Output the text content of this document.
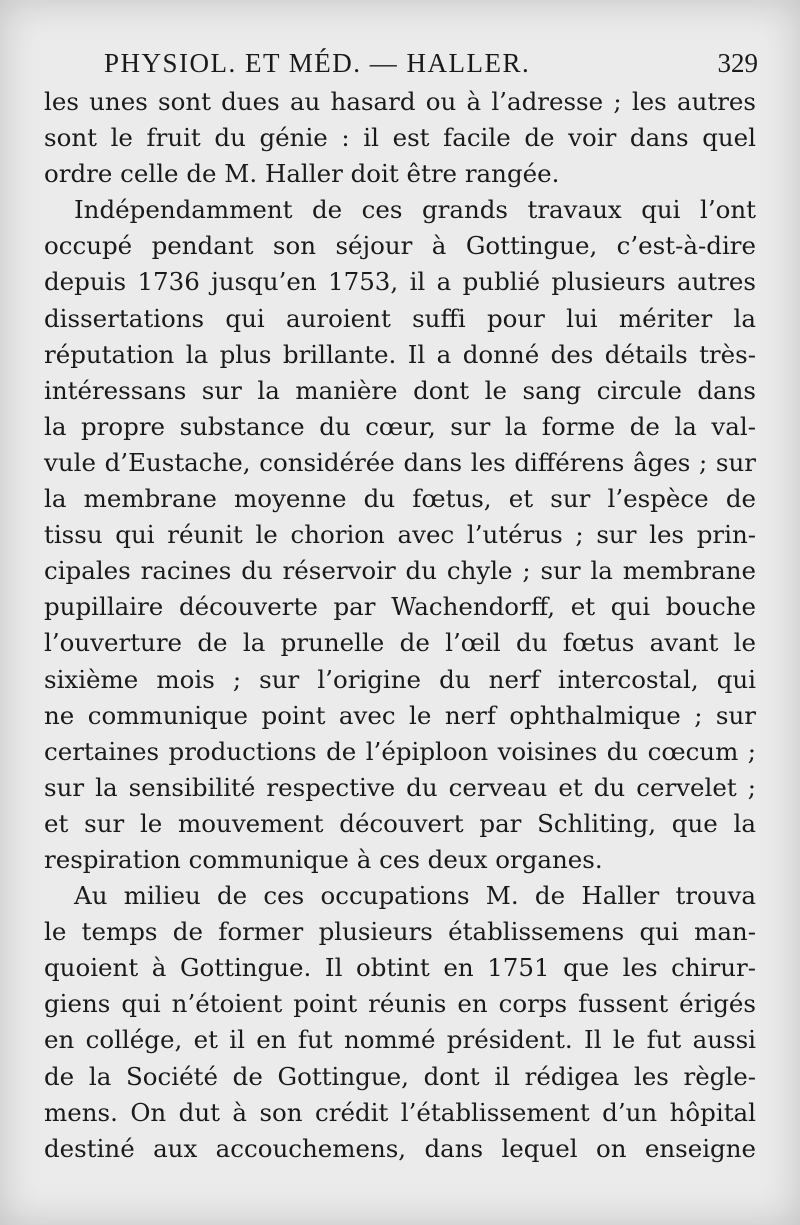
PHYSIOL. ET MÉD. — HALLER.	329
les unes sont dues au hasard ou à l’adresse ; les autres
sont le fruit du génie : il est facile de voir dans quel
ordre celle de M. Haller doit être rangée.
Indépendamment de ces grands travaux qui l’ont
occupé pendant son séjour à Gottingue, c’est-à-dire
depuis 1736 jusqu’en 1753, il a publié plusieurs autres
dissertations qui auroient suffi pour lui mériter la
réputation la plus brillante. Il a donné des détails très-
intéressans sur la manière dont le sang circule dans
la propre substance du cœur, sur la forme de la val-
vule d’Eustache, considérée dans les différens âges ; sur
la membrane moyenne du fœtus, et sur l’espèce de
tissu qui réunit le chorion avec l’utérus ; sur les prin-
cipales racines du réservoir du chyle ; sur la membrane
pupillaire découverte par Wachendorff, et qui bouche
l’ouverture de la prunelle de l’œil du fœtus avant le
sixième mois ; sur l’origine du nerf intercostal, qui
ne communique point avec le nerf ophthalmique ; sur
certaines productions de l’épiploon voisines du cœcum ;
sur la sensibilité respective du cerveau et du cervelet ;
et sur le mouvement découvert par Schliting, que la
respiration communique à ces deux organes.
Au milieu de ces occupations M. de Haller trouva
le temps de former plusieurs établissemens qui man-
quoient à Gottingue. Il obtint en 1751 que les chirur-
giens qui n’étoient point réunis en corps fussent érigés
en collége, et il en fut nommé président. Il le fut aussi
de la Société de Gottingue, dont il rédigea les règle-
mens. On dut à son crédit l’établissement d’un hôpital
destiné aux accouchemens, dans lequel on enseigne
